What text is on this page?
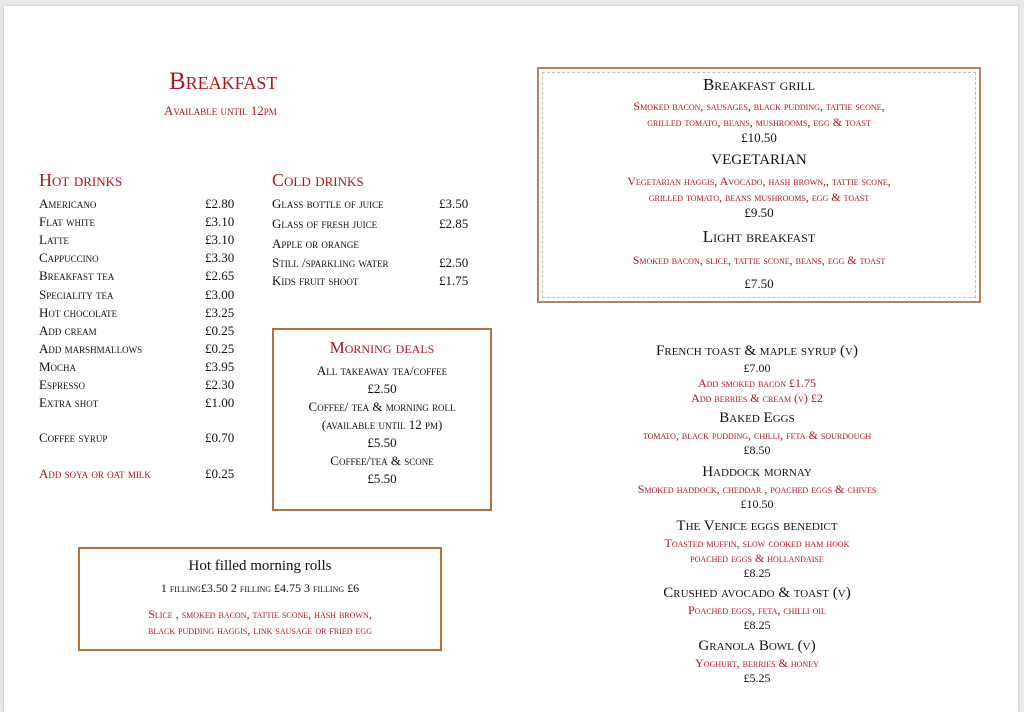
Breakfast
Available until 12pm
Hot drinks
Americano	£2.80
Flat white	£3.10
Latte	£3.10
Cappuccino	£3.30
Breakfast tea	£2.65
Speciality tea	£3.00
Hot chocolate	£3.25
Add cream	£0.25
Add marshmallows	£0.25
Mocha	£3.95
Espresso	£2.30
Extra shot	£1.00
Coffee syrup	£0.70
Add soya or oat milk	£0.25
Cold drinks
Glass bottle of juice	£3.50
Glass of fresh juice	£2.85
Apple or orange
Still /sparkling water	£2.50
Kids fruit shoot	£1.75
Morning deals
All takeaway tea/coffee
£2.50
Coffee/ tea & morning roll
(available until 12 pm)
£5.50
Coffee/tea & scone
£5.50
Hot filled morning rolls
1 filling£3.50 2 filling £4.75 3 filling £6
Slice , smoked bacon, tattie scone, hash brown,
black pudding haggis, link sausage or fried egg
Breakfast grill
Smoked bacon, sausages, black pudding, tattie scone,
grilled tomato, beans, mushrooms, egg & toast
£10.50
VEGETARIAN
Vegetarian haggis, Avocado, hash brown,, tattie scone,
grilled tomato, beans mushrooms, egg & toast
£9.50
Light breakfast
Smoked bacon, slice, tattie scone, beans, egg & toast
£7.50
French toast & maple syrup (v)
£7.00
Add smoked bacon £1.75
Add berries & cream (v) £2
Baked Eggs
tomato, black pudding, chilli, feta & sourdough
£8.50
Haddock mornay
Smoked haddock, cheddar , poached eggs & chives
£10.50
The Venice eggs benedict
Toasted muffin, slow cooked ham hook
poached eggs & hollandaise
£8.25
Crushed avocado & toast (v)
Poached eggs, feta, chilli oil
£8.25
Granola Bowl (v)
Yoghurt, berries & honey
£5.25
